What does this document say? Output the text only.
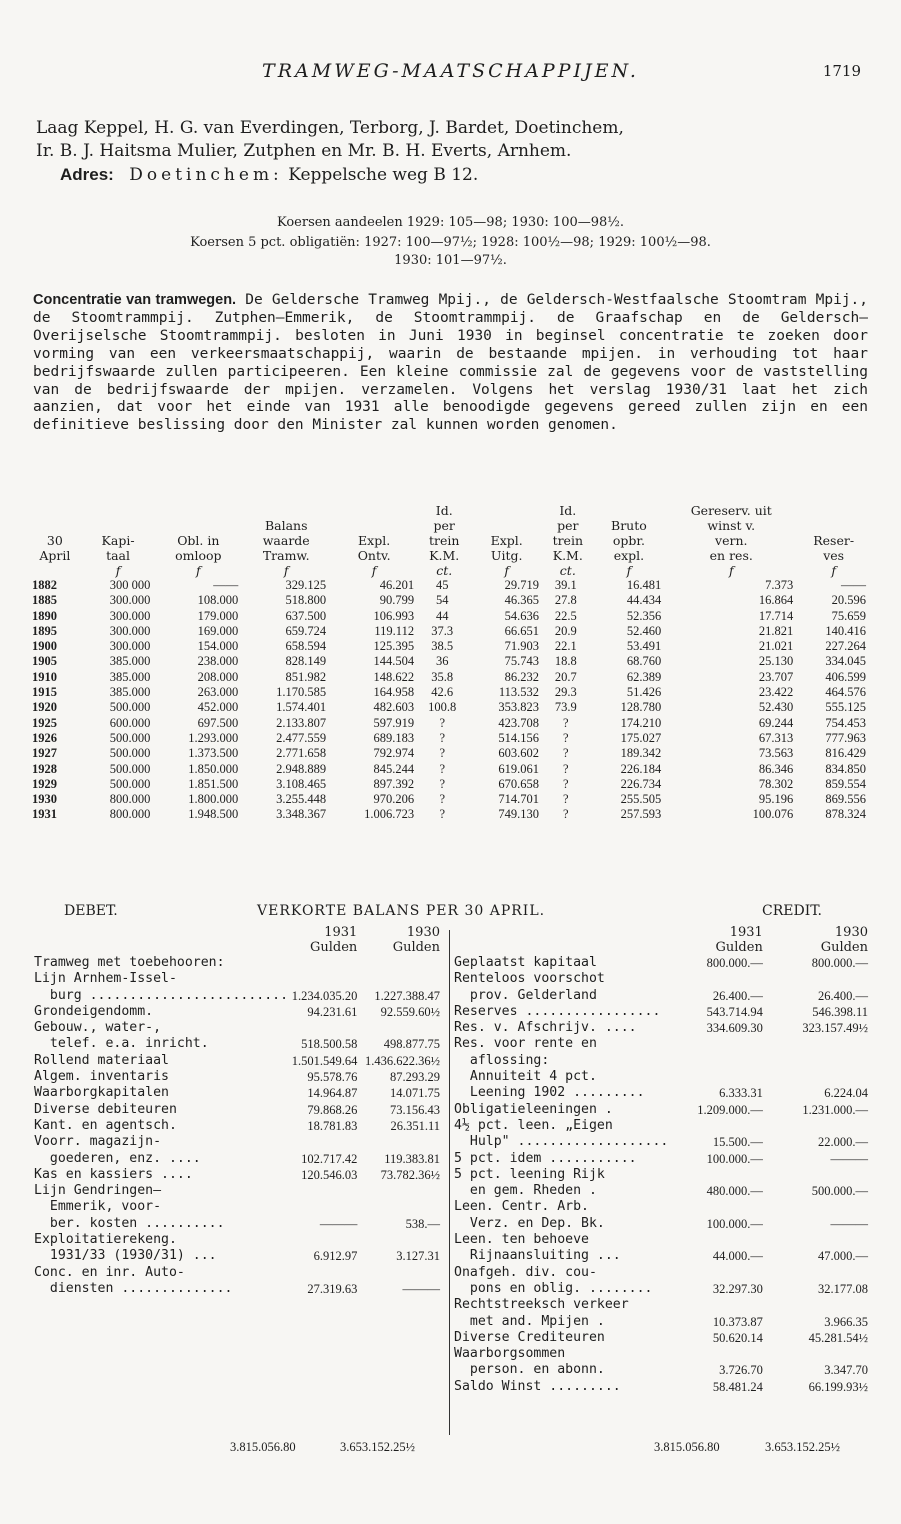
TRAMWEG-MAATSCHAPPIJEN.	1719
Laag Keppel, H. G. van Everdingen, Terborg, J. Bardet, Doetinchem,
Ir. B. J. Haitsma Mulier, Zutphen en Mr. B. H. Everts, Arnhem.
Adres: Doetinchem: Keppelsche weg B 12.
Koersen aandeelen 1929: 105—98; 1930: 100—98½.
Koersen 5 pct. obligatiën: 1927: 100—97½; 1928: 100½—98; 1929: 100½—98.
1930: 101—97½.
Concentratie van tramwegen. De Geldersche Tramweg Mpij., de Geldersch-Westfaalsche Stoomtram Mpij., de Stoomtrammpij. Zutphen—Emmerik, de Stoomtrammpij. de Graafschap en de Geldersch—Overijselsche Stoomtrammpij. besloten in Juni 1930 in beginsel concentratie te zoeken door vorming van een verkeersmaatschappij, waarin de bestaande mpijen. in verhouding tot haar bedrijfswaarde zullen participeeren. Een kleine commissie zal de gegevens voor de vaststelling van de bedrijfswaarde der mpijen. verzamelen. Volgens het verslag 1930/31 laat het zich aanzien, dat voor het einde van 1931 alle benoodigde gegevens gereed zullen zijn en een definitieve beslissing door den Minister zal kunnen worden genomen.
					Id.		Id.		Gereserv. uit	
			Balans		per		per	Bruto	winst v.	
30	Kapi-	Obl. in	waarde	Expl.	trein	Expl.	trein	opbr.	vern.	Reser-
April	taal	omloop	Tramw.	Ontv.	K.M.	Uitg.	K.M.	expl.	en res.	ves
	f	f	f	f	ct.	f	ct.	f	f	f
1882	300 000	——	329.125	46.201	45	29.719	39.1	16.481	7.373	——
1885	300.000	108.000	518.800	90.799	54	46.365	27.8	44.434	16.864	20.596
1890	300.000	179.000	637.500	106.993	44	54.636	22.5	52.356	17.714	75.659
1895	300.000	169.000	659.724	119.112	37.3	66.651	20.9	52.460	21.821	140.416
1900	300.000	154.000	658.594	125.395	38.5	71.903	22.1	53.491	21.021	227.264
1905	385.000	238.000	828.149	144.504	36	75.743	18.8	68.760	25.130	334.045
1910	385.000	208.000	851.982	148.622	35.8	86.232	20.7	62.389	23.707	406.599
1915	385.000	263.000	1.170.585	164.958	42.6	113.532	29.3	51.426	23.422	464.576
1920	500.000	452.000	1.574.401	482.603	100.8	353.823	73.9	128.780	52.430	555.125
1925	600.000	697.500	2.133.807	597.919	?	423.708	?	174.210	69.244	754.453
1926	500.000	1.293.000	2.477.559	689.183	?	514.156	?	175.027	67.313	777.963
1927	500.000	1.373.500	2.771.658	792.974	?	603.602	?	189.342	73.563	816.429
1928	500.000	1.850.000	2.948.889	845.244	?	619.061	?	226.184	86.346	834.850
1929	500.000	1.851.500	3.108.465	897.392	?	670.658	?	226.734	78.302	859.554
1930	800.000	1.800.000	3.255.448	970.206	?	714.701	?	255.505	95.196	869.556
1931	800.000	1.948.500	3.348.367	1.006.723	?	749.130	?	257.593	100.076	878.324
DEBET.	VERKORTE BALANS PER 30 APRIL.	CREDIT.
	1931	1930
	Gulden	Gulden
Tramweg met toebehooren:		
Lijn Arnhem-Issel-		
burg .........................	1.234.035.20	1.227.388.47
Grondeigendomm.	94.231.61	92.559.60½
Gebouw., water-,		
telef. e.a. inricht.	518.500.58	498.877.75
Rollend materiaal	1.501.549.64	1.436.622.36½
Algem. inventaris	95.578.76	87.293.29
Waarborgkapitalen	14.964.87	14.071.75
Diverse debiteuren	79.868.26	73.156.43
Kant. en agentsch.	18.781.83	26.351.11
Voorr. magazijn-		
goederen, enz. ....	102.717.42	119.383.81
Kas en kassiers ....	120.546.03	73.782.36½
Lijn Gendringen—		
Emmerik, voor-		
ber. kosten ..........	———	538.—
Exploitatierekeng.		
1931/33 (1930/31) ...	6.912.97	3.127.31
Conc. en inr. Auto-		
diensten ..............	27.319.63	———
	1931	1930
	Gulden	Gulden
Geplaatst kapitaal	800.000.—	800.000.—
Renteloos voorschot		
prov. Gelderland	26.400.—	26.400.—
Reserves .................	543.714.94	546.398.11
Res. v. Afschrijv. ....	334.609.30	323.157.49½
Res. voor rente en		
aflossing:		
Annuiteit 4 pct.		
Leening 1902 .........	6.333.31	6.224.04
Obligatieleeningen .	1.209.000.—	1.231.000.—
4½ pct. leen. „Eigen		
Hulp" ...................	15.500.—	22.000.—
5 pct. idem ...........	100.000.—	———
5 pct. leening Rijk		
en gem. Rheden .	480.000.—	500.000.—
Leen. Centr. Arb.		
Verz. en Dep. Bk.	100.000.—	———
Leen. ten behoeve		
Rijnaansluiting ...	44.000.—	47.000.—
Onafgeh. div. cou-		
pons en oblig. ........	32.297.30	32.177.08
Rechtstreeksch verkeer		
met and. Mpijen .	10.373.87	3.966.35
Diverse Crediteuren	50.620.14	45.281.54½
Waarborgsommen		
person. en abonn.	3.726.70	3.347.70
Saldo Winst .........	58.481.24	66.199.93½
3.815.056.80	3.653.152.25½	3.815.056.80	3.653.152.25½
